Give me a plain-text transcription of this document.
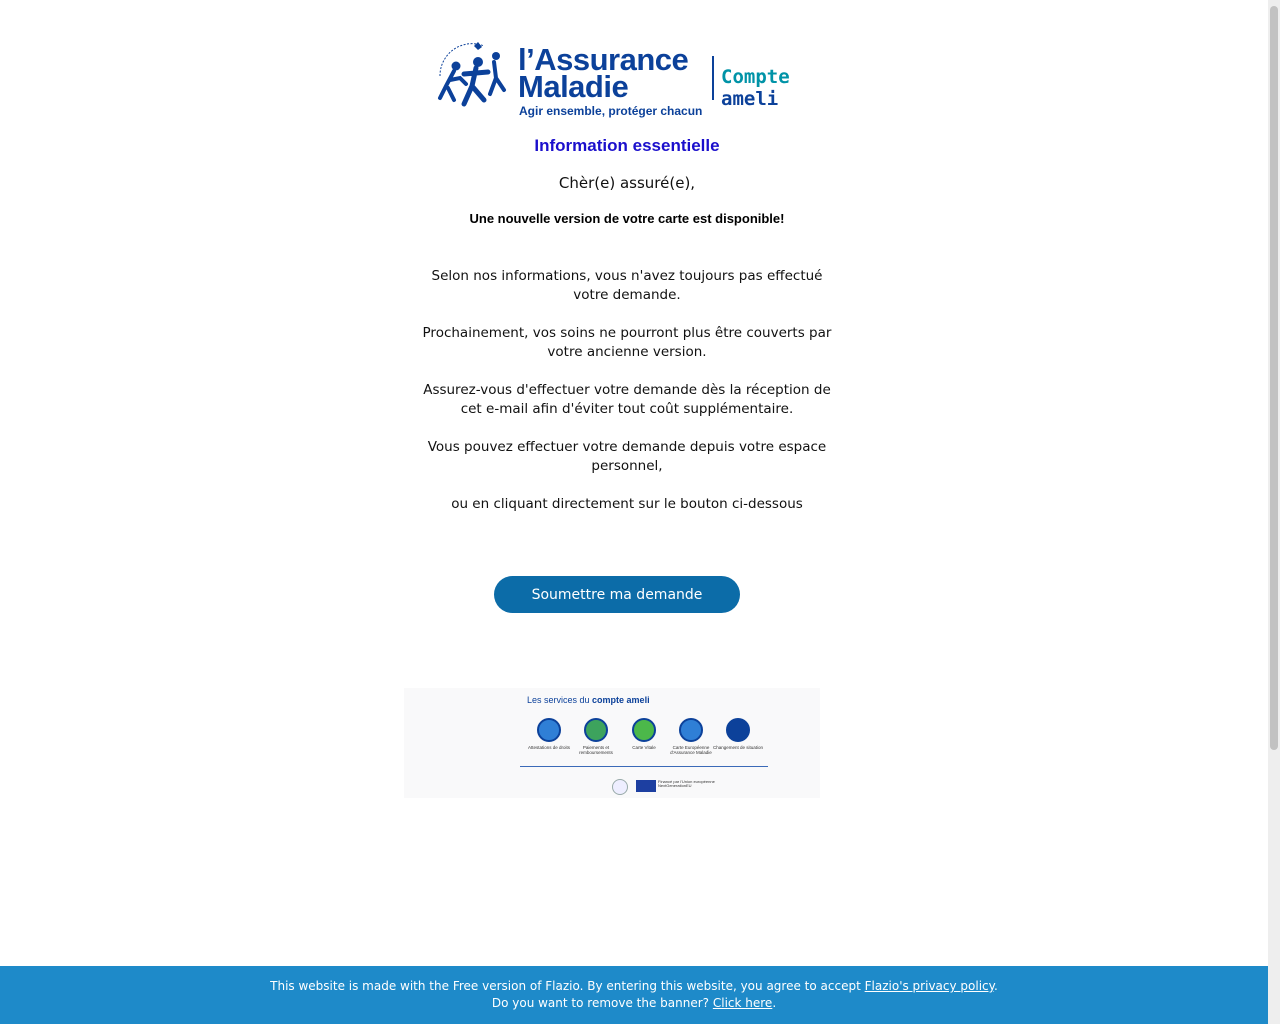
l’Assurance
Maladie
Agir ensemble, protéger chacun
Compte ameli
Information essentielle
Chèr(e) assuré(e),
Une nouvelle version de votre carte est disponible!

Selon nos informations, vous n'avez toujours pas effectué votre demande.

Prochainement, vos soins ne pourront plus être couverts par votre ancienne version.

Assurez-vous d'effectuer votre demande dès la réception de cet e-mail afin d'éviter tout coût supplémentaire.

Vous pouvez effectuer votre demande depuis votre espace personnel,

ou en cliquant directement sur le bouton ci-dessous

Soumettre ma demande
Les services du compte ameli
Attestations de droits	Paiements et remboursements
Carte Vitale	Carte Européenne d'Assurance Maladie
Changement de situation
Financé par l'Union européenne NextGenerationEU
This website is made with the Free version of Flazio. By entering this website, you agree to accept Flazio's privacy policy.
Do you want to remove the banner? Click here.
